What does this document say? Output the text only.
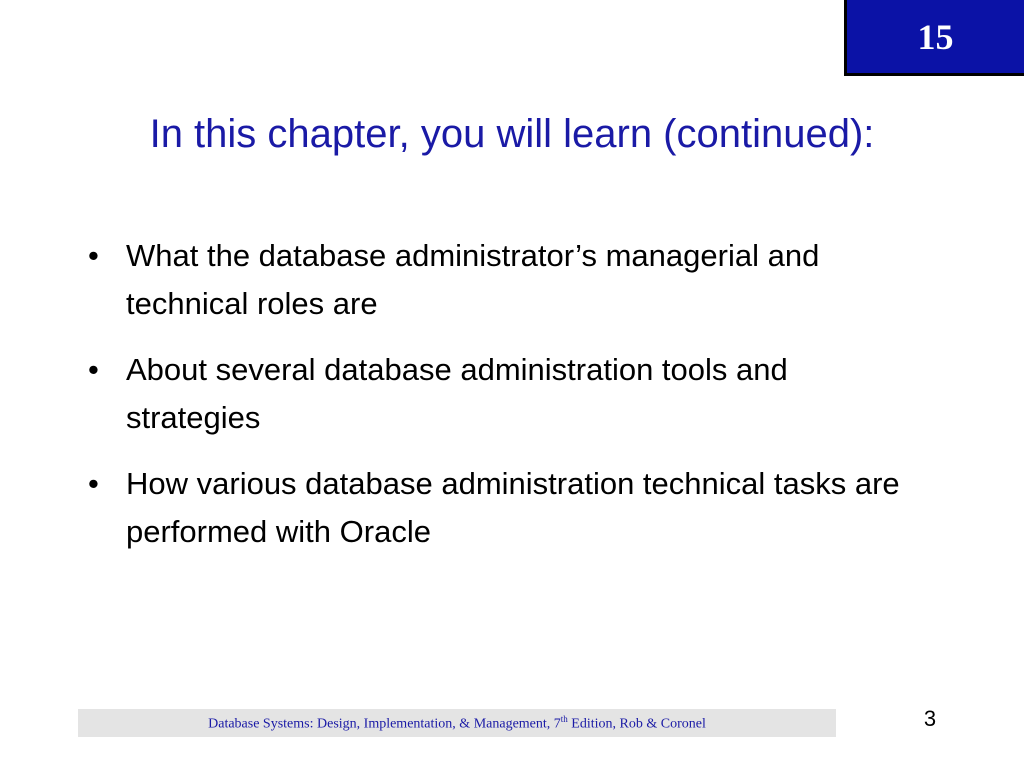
15
In this chapter, you will learn (continued):
• What the database administrator’s managerial and technical roles are
• About several database administration tools and strategies
• How various database administration technical tasks are performed with Oracle
Database Systems: Design, Implementation, & Management, 7th Edition, Rob & Coronel	3
